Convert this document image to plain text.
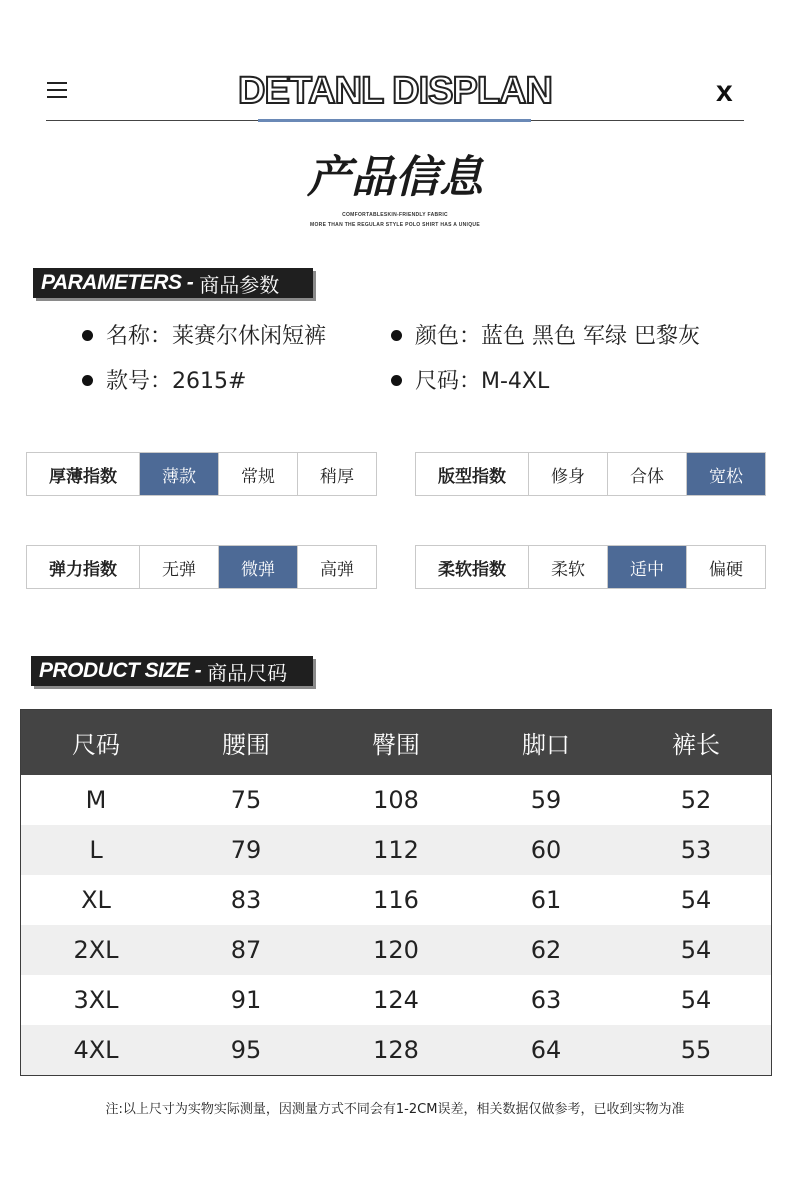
DETANL DISPLAN	x
产品信息
COMFORTABLESKIN-FRIENDLY FABRIC
MORE THAN THE REGULAR STYLE POLO SHIRT HAS A UNIQUE
PARAMETERS - 商品参数
名称：莱赛尔休闲短裤	颜色：蓝色 黑色 军绿 巴黎灰
款号：2615#	尺码：M-4XL
厚薄指数	薄款	常规	稍厚	版型指数	修身	合体	宽松
弹力指数	无弹	微弹	高弹	柔软指数	柔软	适中	偏硬
PRODUCT SIZE - 商品尺码
尺码	腰围	臀围	脚口	裤长
M	75	108	59	52
L	79	112	60	53
XL	83	116	61	54
2XL	87	120	62	54
3XL	91	124	63	54
4XL	95	128	64	55
注:以上尺寸为实物实际测量，因测量方式不同会有1-2CM误差，相关数据仅做参考，已收到实物为准
